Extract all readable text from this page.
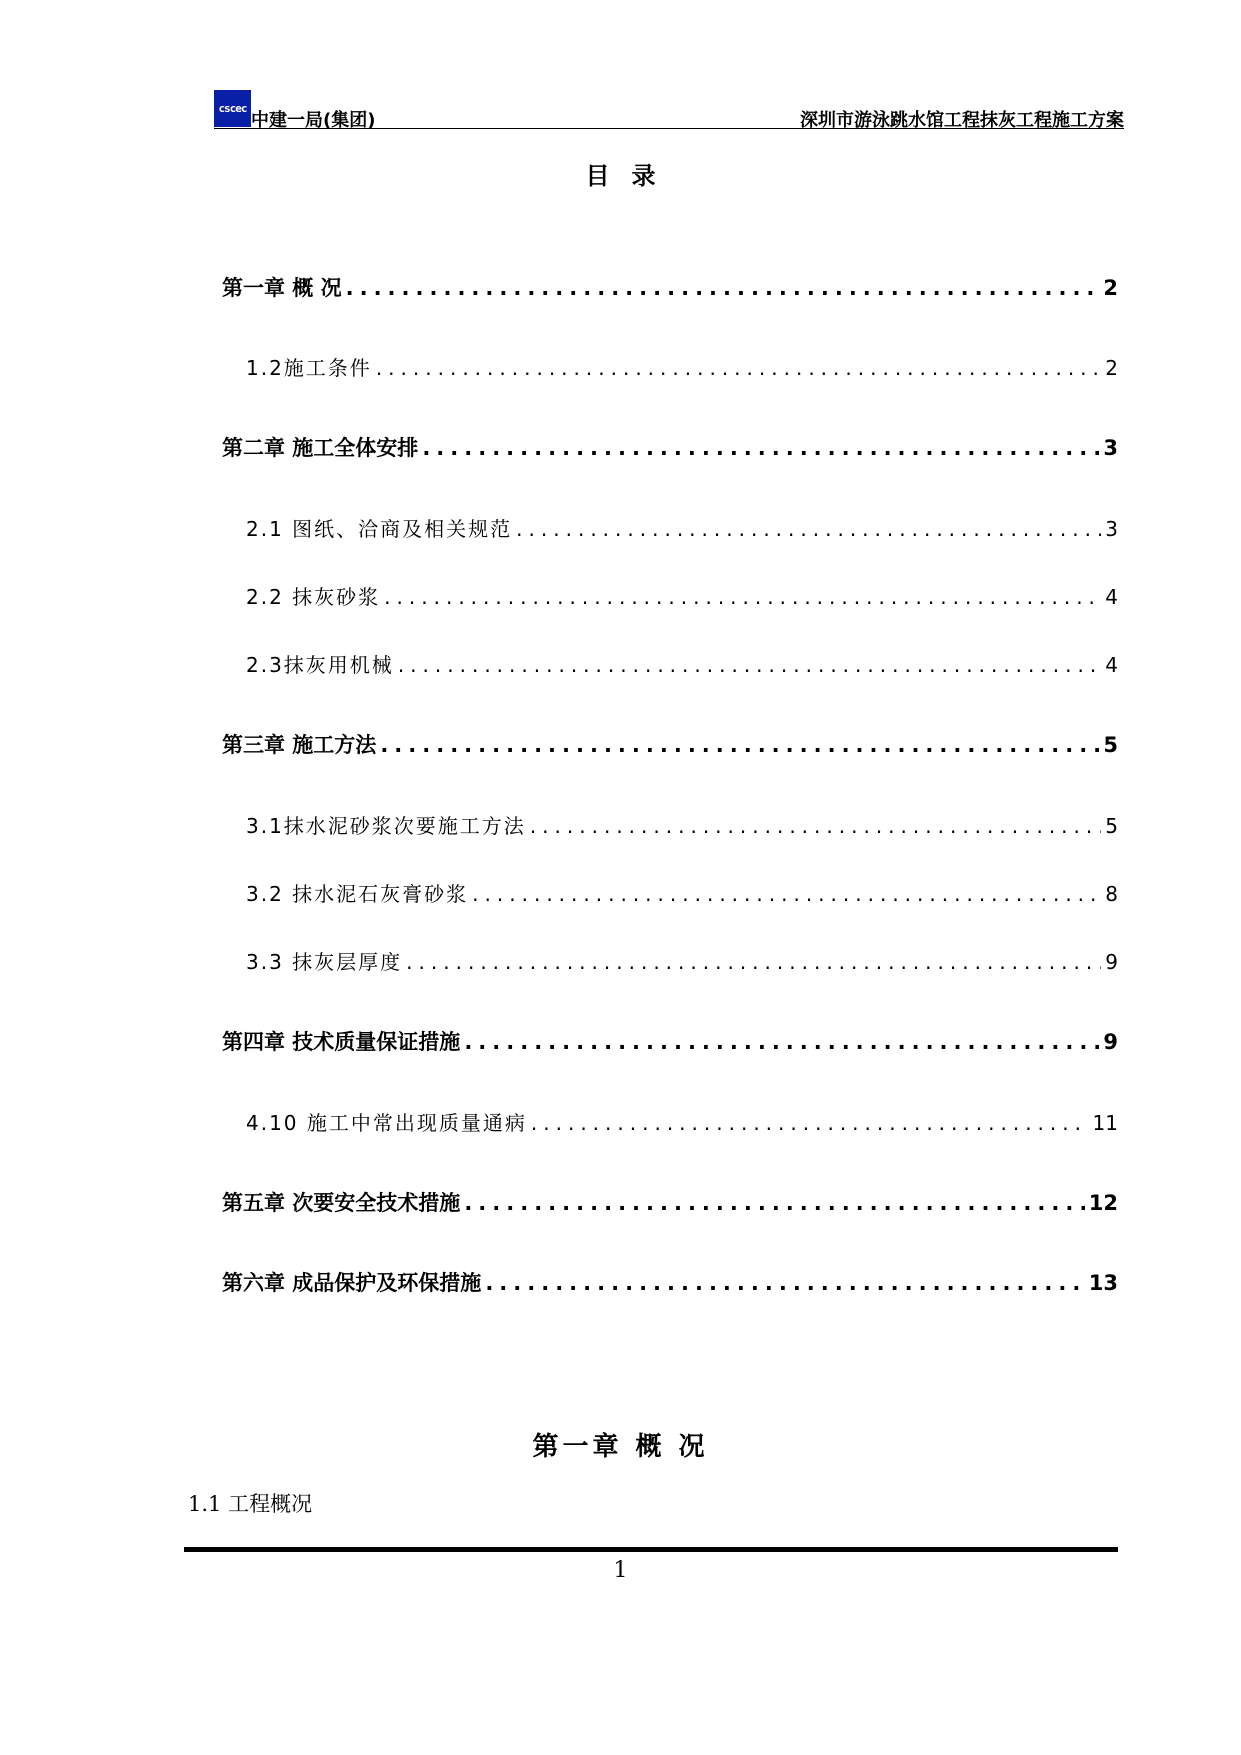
cscec
中建一局(集团)	深圳市游泳跳水馆工程抹灰工程施工方案
目录
第一章 概 况 .....	2
1.2施工条件 .....	2
第二章 施工全体安排 .....	3
2.1 图纸、洽商及相关规范 .....	3
2.2 抹灰砂浆 .....	4
2.3抹灰用机械 .....	4
第三章 施工方法 .....	5
3.1抹水泥砂浆次要施工方法 .....	5
3.2 抹水泥石灰膏砂浆 .....	8
3.3 抹灰层厚度 .....	9
第四章 技术质量保证措施 .....	9
4.10 施工中常出现质量通病 .....	11
第五章 次要安全技术措施 .....	12
第六章 成品保护及环保措施 .....	13
第一章 概 况
1.1 工程概况
1
